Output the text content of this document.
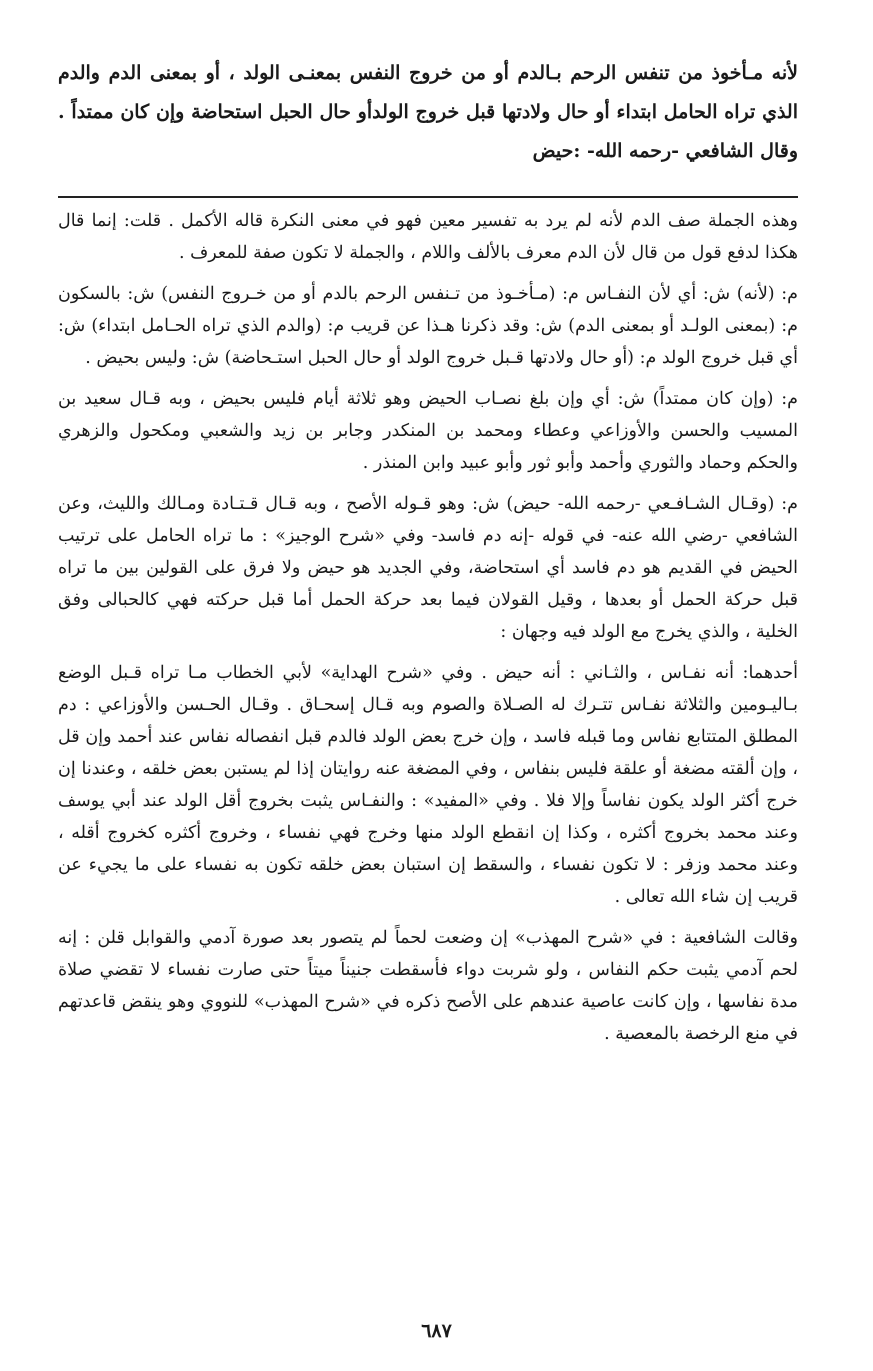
لأنه مـأخوذ من تنفس الرحم بـالدم أو من خروج النفس بمعنـى الولد ، أو بمعنى الدم والدم الذي تراه الحامل ابتداء أو حال ولادتها قبل خروج الولدأو حال الحبل استحاضة وإن كان ممتداً . وقال الشافعي -رحمه الله- :حيض

وهذه الجملة صف الدم لأنه لم يرد به تفسير معين فهو في معنى النكرة قاله الأكمل . قلت: إنما قال هكذا لدفع قول من قال لأن الدم معرف بالألف واللام ، والجملة لا تكون صفة للمعرف .

م: (لأنه) ش: أي لأن النفـاس م: (مـأخـوذ من تـنفس الرحم بالدم أو من خـروج النفس) ش: بالسكون م: (بمعنى الولـد أو بمعنى الدم) ش: وقد ذكرنا هـذا عن قريب م: (والدم الذي تراه الحـامل ابتداء) ش: أي قبل خروج الولد م: (أو حال ولادتها قـبل خروج الولد أو حال الحبل استـحاضة) ش: وليس بحيض .

م: (وإن كان ممتداً) ش: أي وإن بلغ نصـاب الحيض وهو ثلاثة أيام فليس بحيض ، وبه قـال سعيد بن المسيب والحسن والأوزاعي وعطاء ومحمد بن المنكدر وجابر بن زيد والشعبي ومكحول والزهري والحكم وحماد والثوري وأحمد وأبو ثور وأبو عبيد وابن المنذر .

م: (وقـال الشـافـعي -رحمه الله- حيض) ش: وهو قـوله الأصح ، وبه قـال قـتـادة ومـالك والليث، وعن الشافعي -رضي الله عنه- في قوله -إنه دم فاسد- وفي «شرح الوجيز» : ما تراه الحامل على ترتيب الحيض في القديم هو دم فاسد أي استحاضة، وفي الجديد هو حيض ولا فرق على القولين بين ما تراه قبل حركة الحمل أو بعدها ، وقيل القولان فيما بعد حركة الحمل أما قبل حركته فهي كالحبالى وفق الخلية ، والذي يخرج مع الولد فيه وجهان :

أحدهما: أنه نفـاس ، والثـاني : أنه حيض . وفي «شرح الهداية» لأبي الخطاب مـا تراه قـبل الوضع بـاليـومين والثلاثة نفـاس تتـرك له الصـلاة والصوم وبه قـال إسحـاق . وقـال الحـسن والأوزاعي : دم المطلق المتتابع نفاس وما قبله فاسد ، وإن خرج بعض الولد فالدم قبل انفصاله نفاس عند أحمد وإن قل ، وإن ألقته مضغة أو علقة فليس بنفاس ، وفي المضغة عنه روايتان إذا لم يستبن بعض خلقه ، وعندنا إن خرج أكثر الولد يكون نفاساً وإلا فلا . وفي «المفيد» : والنفـاس يثبت بخروج أقل الولد عند أبي يوسف وعند محمد بخروج أكثره ، وكذا إن انقطع الولد منها وخرج فهي نفساء ، وخروج أكثره كخروج أقله ، وعند محمد وزفر : لا تكون نفساء ، والسقط إن استبان بعض خلقه تكون به نفساء على ما يجيء عن قريب إن شاء الله تعالى .

وقالت الشافعية : في «شرح المهذب» إن وضعت لحماً لم يتصور بعد صورة آدمي والقوابل قلن : إنه لحم آدمي يثبت حكم النفاس ، ولو شربت دواء فأسقطت جنيناً ميتاً حتى صارت نفساء لا تقضي صلاة مدة نفاسها ، وإن كانت عاصية عندهم على الأصح ذكره في «شرح المهذب» للنووي وهو ينقض قاعدتهم في منع الرخصة بالمعصية .

٦٨٧
